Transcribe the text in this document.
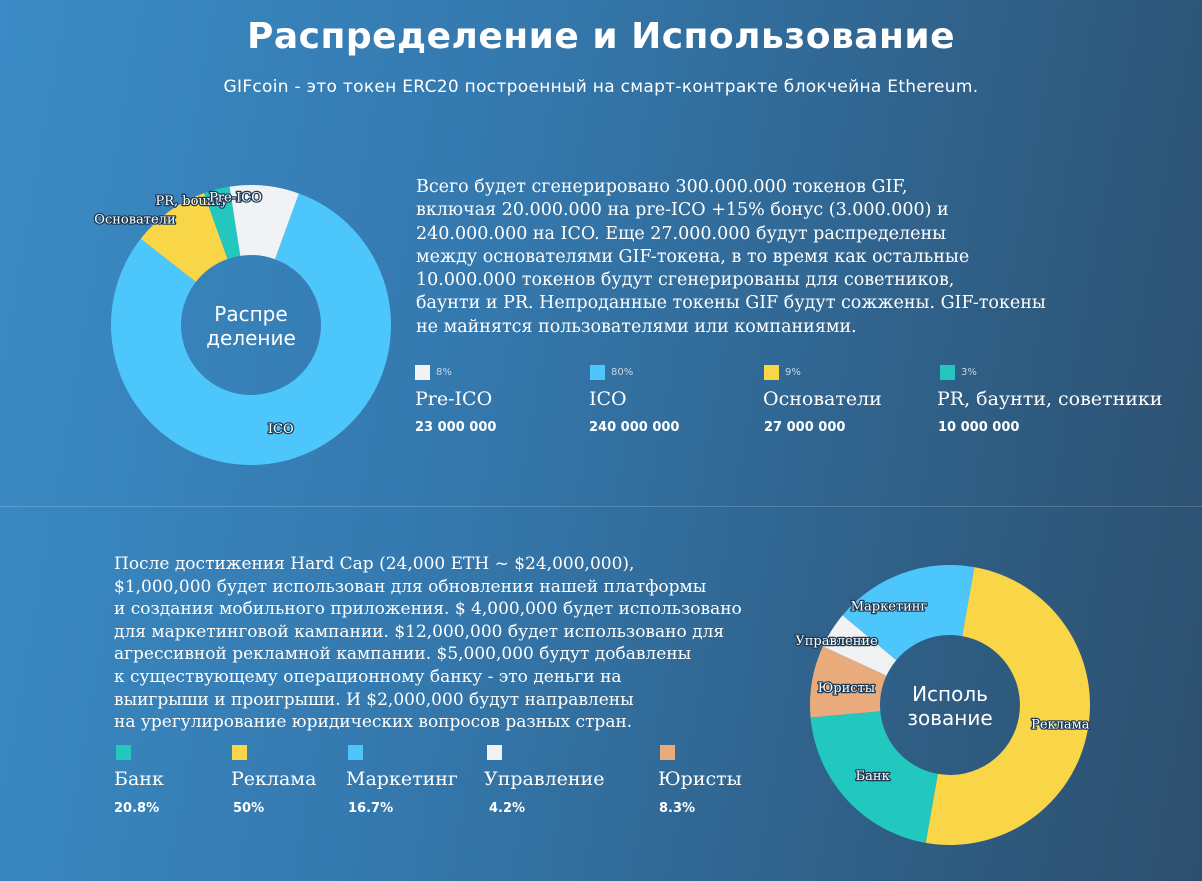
Распределение и Использование
GIFcoin - это токен ERC20 построенный на смарт-контракте блокчейна Ethereum.
Всего будет сгенерировано 300.000.000 токенов GIF,
включая 20.000.000 на pre-ICO +15% бонус (3.000.000) и
240.000.000 на ICO. Еще 27.000.000 будут распределены
между основателями GIF-токена, в то время как остальные
10.000.000 токенов будут сгенерированы для советников,
баунти и PR. Непроданные токены GIF будут сожжены. GIF-токены
не майнятся пользователями или компаниями.
8%
Pre-ICO
23 000 000
80%
ICO
240 000 000
9%
Основатели
27 000 000
3%
PR, баунти, советники
10 000 000
После достижения Hard Cap (24,000 ETH ~ $24,000,000),
$1,000,000 будет использован для обновления нашей платформы
и создания мобильного приложения. $ 4,000,000 будет использовано
для маркетинговой кампании. $12,000,000 будет использовано для
агрессивной рекламной кампании. $5,000,000 будут добавлены
к существующему операционному банку - это деньги на
выигрыши и проигрыши. И $2,000,000 будут направлены
на урегулирование юридических вопросов разных стран.
Банк
20.8%
Реклама
50%
Маркетинг
16.7%
Управление
4.2%
Юристы
8.3%
ICO
Основатели
PR, bounty
Pre-ICO
Распре
деление
Реклама
Банк
Юристы
Управление
Маркетинг
Исполь
зование
